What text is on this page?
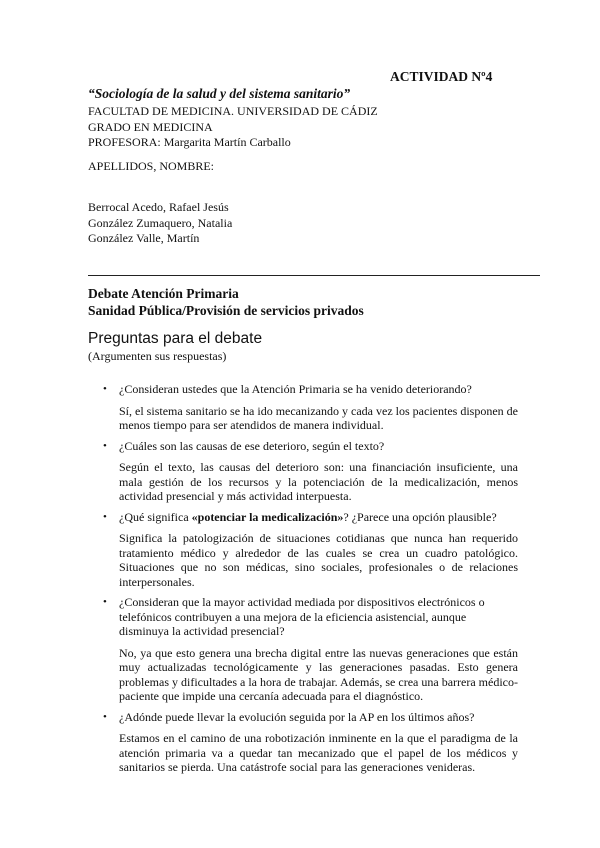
ACTIVIDAD Nº4
“Sociología de la salud y del sistema sanitario”
FACULTAD DE MEDICINA. UNIVERSIDAD DE CÁDIZ
GRADO EN MEDICINA
PROFESORA: Margarita Martín Carballo
APELLIDOS, NOMBRE:
Berrocal Acedo, Rafael Jesús
González Zumaquero, Natalia
González Valle, Martín
Debate Atención Primaria
Sanidad Pública/Provisión de servicios privados
Preguntas para el debate
(Argumenten sus respuestas)
• ¿Consideran ustedes que la Atención Primaria se ha venido deteriorando?

Sí, el sistema sanitario se ha ido mecanizando y cada vez los pacientes disponen de menos tiempo para ser atendidos de manera individual.

• ¿Cuáles son las causas de ese deterioro, según el texto?

Según el texto, las causas del deterioro son: una financiación insuficiente, una mala gestión de los recursos y la potenciación de la medicalización, menos actividad presencial y más actividad interpuesta.

• ¿Qué significa «potenciar la medicalización»? ¿Parece una opción plausible?

Significa la patologización de situaciones cotidianas que nunca han requerido tratamiento médico y alrededor de las cuales se crea un cuadro patológico. Situaciones que no son médicas, sino sociales, profesionales o de relaciones interpersonales.

• ¿Consideran que la mayor actividad mediada por dispositivos electrónicos o telefónicos contribuyen a una mejora de la eficiencia asistencial, aunque disminuya la actividad presencial?

No, ya que esto genera una brecha digital entre las nuevas generaciones que están muy actualizadas tecnológicamente y las generaciones pasadas. Esto genera problemas y dificultades a la hora de trabajar. Además, se crea una barrera médico-paciente que impide una cercanía adecuada para el diagnóstico.

• ¿Adónde puede llevar la evolución seguida por la AP en los últimos años?

Estamos en el camino de una robotización inminente en la que el paradigma de la atención primaria va a quedar tan mecanizado que el papel de los médicos y sanitarios se pierda. Una catástrofe social para las generaciones venideras.
